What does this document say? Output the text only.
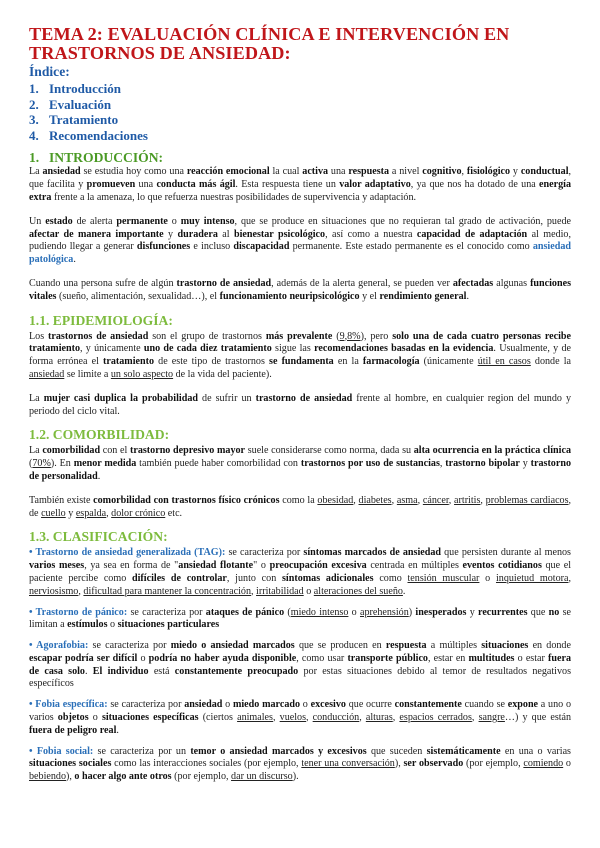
TEMA 2: EVALUACIÓN CLÍNICA E INTERVENCIÓN EN TRASTORNOS DE ANSIEDAD:
Índice:
1. Introducción
2. Evaluación
3. Tratamiento
4. Recomendaciones
1. INTRODUCCIÓN:

La ansiedad se estudia hoy como una reacción emocional la cual activa una respuesta a nivel cognitivo, fisiológico y conductual, que facilita y promueven una conducta más ágil. Esta respuesta tiene un valor adaptativo, ya que nos ha dotado de una energía extra frente a la amenaza, lo que refuerza nuestras posibilidades de supervivencia y adaptación.

Un estado de alerta permanente o muy intenso, que se produce en situaciones que no requieran tal grado de activación, puede afectar de manera importante y duradera al bienestar psicológico, así como a nuestra capacidad de adaptación al medio, pudiendo llegar a generar disfunciones e incluso discapacidad permanente. Este estado permanente es el conocido como ansiedad patológica.

Cuando una persona sufre de algún trastorno de ansiedad, además de la alerta general, se pueden ver afectadas algunas funciones vitales (sueño, alimentación, sexualidad…), el funcionamiento neuripsicológico y el rendimiento general.

1.1. EPIDEMIOLOGÍA:

Los trastornos de ansiedad son el grupo de trastornos más prevalente (9,8%), pero solo una de cada cuatro personas recibe tratamiento, y únicamente uno de cada diez tratamiento sigue las recomendaciones basadas en la evidencia. Usualmente, y de forma errónea el tratamiento de este tipo de trastornos se fundamenta en la farmacología (únicamente útil en casos donde la ansiedad se limite a un solo aspecto de la vida del paciente).

La mujer casi duplica la probabilidad de sufrir un trastorno de ansiedad frente al hombre, en cualquier region del mundo y periodo del ciclo vital.

1.2. COMORBILIDAD:

La comorbilidad con el trastorno depresivo mayor suele considerarse como norma, dada su alta ocurrencia en la práctica clínica (70%). En menor medida también puede haber comorbilidad con trastornos por uso de sustancias, trastorno bipolar y trastorno de personalidad.

También existe comorbilidad con trastornos físico crónicos como la obesidad, diabetes, asma, cáncer, artritis, problemas cardiacos, de cuello y espalda, dolor crónico etc.

1.3. CLASIFICACIÓN:

• Trastorno de ansiedad generalizada (TAG): se caracteriza por síntomas marcados de ansiedad que persisten durante al menos varios meses, ya sea en forma de "ansiedad flotante" o preocupación excesiva centrada en múltiples eventos cotidianos que el paciente percibe como difíciles de controlar, junto con síntomas adicionales como tensión muscular o inquietud motora, nerviosismo, dificultad para mantener la concentración, irritabilidad o alteraciones del sueño.

• Trastorno de pánico: se caracteriza por ataques de pánico (miedo intenso o aprehensión) inesperados y recurrentes que no se limitan a estímulos o situaciones particulares

• Agorafobia: se caracteriza por miedo o ansiedad marcados que se producen en respuesta a múltiples situaciones en donde escapar podría ser difícil o podría no haber ayuda disponible, como usar transporte público, estar en multitudes o estar fuera de casa solo. El individuo está constantemente preocupado por estas situaciones debido al temor de resultados negativos específicos

• Fobia específica: se caracteriza por ansiedad o miedo marcado o excesivo que ocurre constantemente cuando se expone a uno o varios objetos o situaciones específicas (ciertos animales, vuelos, conducción, alturas, espacios cerrados, sangre…) y que están fuera de peligro real.

• Fobia social: se caracteriza por un temor o ansiedad marcados y excesivos que suceden sistemáticamente en una o varias situaciones sociales como las interacciones sociales (por ejemplo, tener una conversación), ser observado (por ejemplo, comiendo o bebiendo), o hacer algo ante otros (por ejemplo, dar un discurso).
